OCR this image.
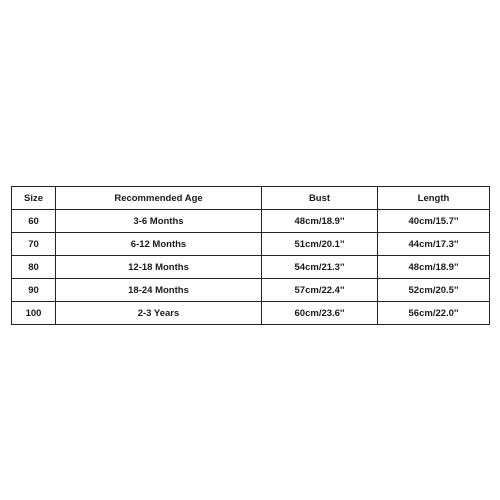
Size	Recommended Age	Bust	Length
60	3-6 Months	48cm/18.9''	40cm/15.7''
70	6-12 Months	51cm/20.1''	44cm/17.3''
80	12-18 Months	54cm/21.3''	48cm/18.9''
90	18-24 Months	57cm/22.4''	52cm/20.5''
100	2-3 Years	60cm/23.6''	56cm/22.0''
